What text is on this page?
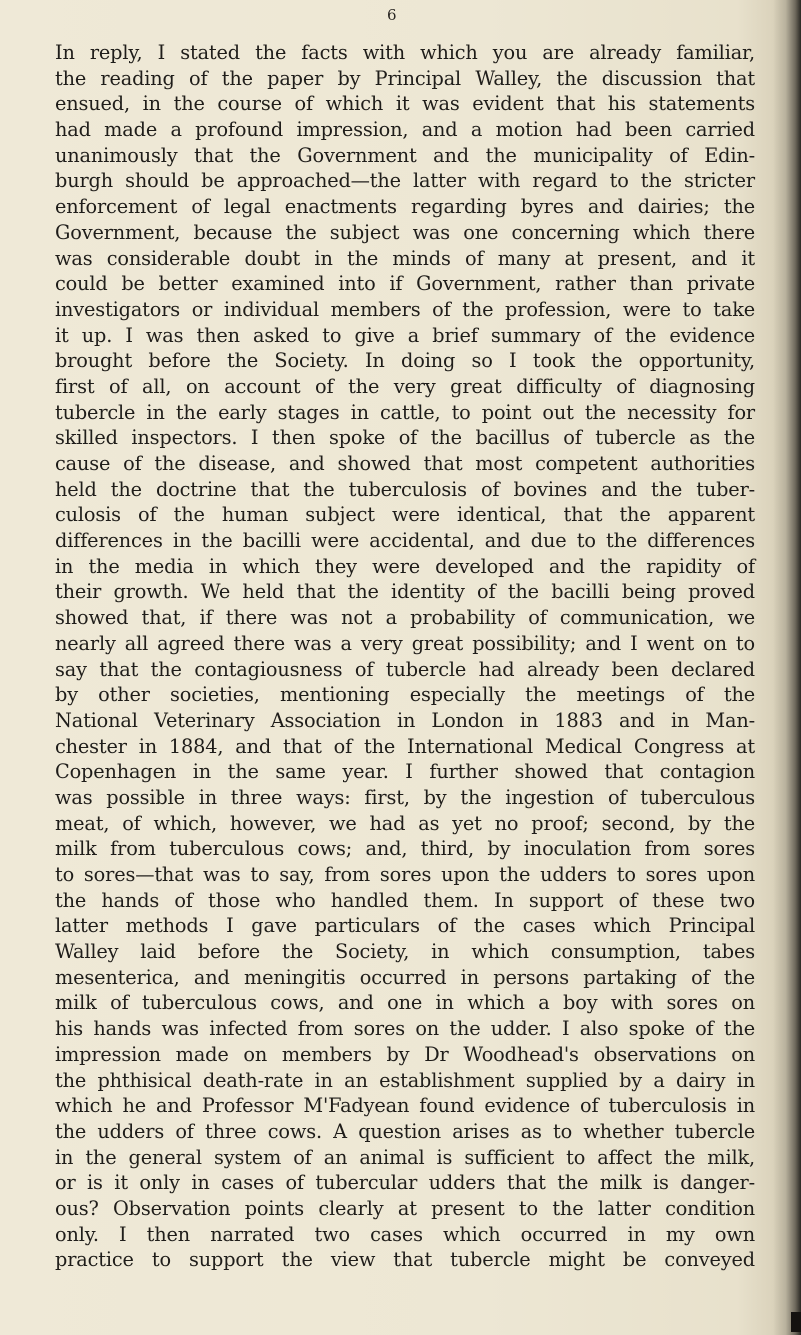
6
In reply, I stated the facts with which you are already familiar,
the reading of the paper by Principal Walley, the discussion that
ensued, in the course of which it was evident that his statements
had made a profound impression, and a motion had been carried
unanimously that the Government and the municipality of Edin-
burgh should be approached—the latter with regard to the stricter
enforcement of legal enactments regarding byres and dairies; the
Government, because the subject was one concerning which there
was considerable doubt in the minds of many at present, and it
could be better examined into if Government, rather than private
investigators or individual members of the profession, were to take
it up. I was then asked to give a brief summary of the evidence
brought before the Society. In doing so I took the opportunity,
first of all, on account of the very great difficulty of diagnosing
tubercle in the early stages in cattle, to point out the necessity for
skilled inspectors. I then spoke of the bacillus of tubercle as the
cause of the disease, and showed that most competent authorities
held the doctrine that the tuberculosis of bovines and the tuber-
culosis of the human subject were identical, that the apparent
differences in the bacilli were accidental, and due to the differences
in the media in which they were developed and the rapidity of
their growth. We held that the identity of the bacilli being proved
showed that, if there was not a probability of communication, we
nearly all agreed there was a very great possibility; and I went on to
say that the contagiousness of tubercle had already been declared
by other societies, mentioning especially the meetings of the
National Veterinary Association in London in 1883 and in Man-
chester in 1884, and that of the International Medical Congress at
Copenhagen in the same year. I further showed that contagion
was possible in three ways: first, by the ingestion of tuberculous
meat, of which, however, we had as yet no proof; second, by the
milk from tuberculous cows; and, third, by inoculation from sores
to sores—that was to say, from sores upon the udders to sores upon
the hands of those who handled them. In support of these two
latter methods I gave particulars of the cases which Principal
Walley laid before the Society, in which consumption, tabes
mesenterica, and meningitis occurred in persons partaking of the
milk of tuberculous cows, and one in which a boy with sores on
his hands was infected from sores on the udder. I also spoke of the
impression made on members by Dr Woodhead's observations on
the phthisical death-rate in an establishment supplied by a dairy in
which he and Professor M'Fadyean found evidence of tuberculosis in
the udders of three cows. A question arises as to whether tubercle
in the general system of an animal is sufficient to affect the milk,
or is it only in cases of tubercular udders that the milk is danger-
ous? Observation points clearly at present to the latter condition
only. I then narrated two cases which occurred in my own
practice to support the view that tubercle might be conveyed
